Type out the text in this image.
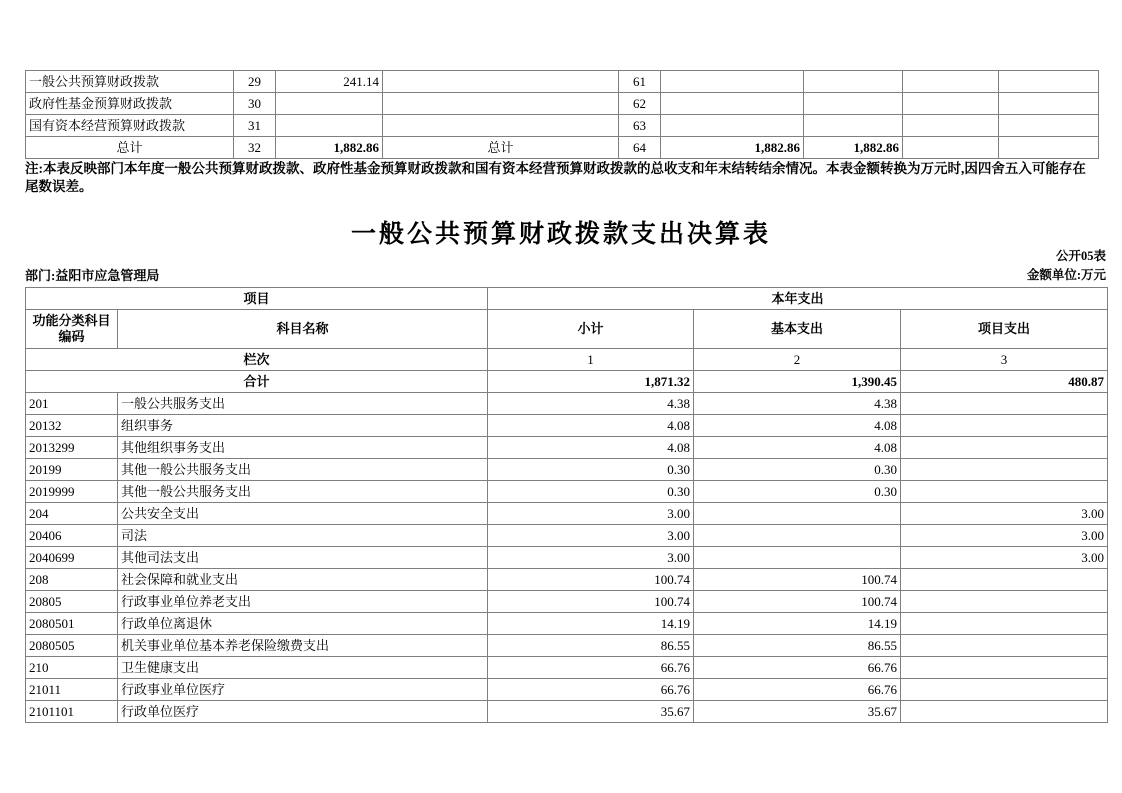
一般公共预算财政拨款	29	241.14		61				
政府性基金预算财政拨款	30			62				
国有资本经营预算财政拨款	31			63				
总计	32	1,882.86	总计	64	1,882.86	1,882.86		
注:本表反映部门本年度一般公共预算财政拨款、政府性基金预算财政拨款和国有资本经营预算财政拨款的总收支和年末结转结余情况。本表金额转换为万元时,因四舍五入可能存在尾数误差。
一般公共预算财政拨款支出决算表
公开05表
部门:益阳市应急管理局	金额单位:万元
项目		本年支出		
功能分类科目
编码	科目名称	小计	基本支出	项目支出
栏次		1	2	3
合计		1,871.32	1,390.45	480.87
201	一般公共服务支出	4.38	4.38	
20132	组织事务	4.08	4.08	
2013299	其他组织事务支出	4.08	4.08	
20199	其他一般公共服务支出	0.30	0.30	
2019999	其他一般公共服务支出	0.30	0.30	
204	公共安全支出	3.00		3.00
20406	司法	3.00		3.00
2040699	其他司法支出	3.00		3.00
208	社会保障和就业支出	100.74	100.74	
20805	行政事业单位养老支出	100.74	100.74	
2080501	行政单位离退休	14.19	14.19	
2080505	机关事业单位基本养老保险缴费支出	86.55	86.55	
210	卫生健康支出	66.76	66.76	
21011	行政事业单位医疗	66.76	66.76	
2101101	行政单位医疗	35.67	35.67	
